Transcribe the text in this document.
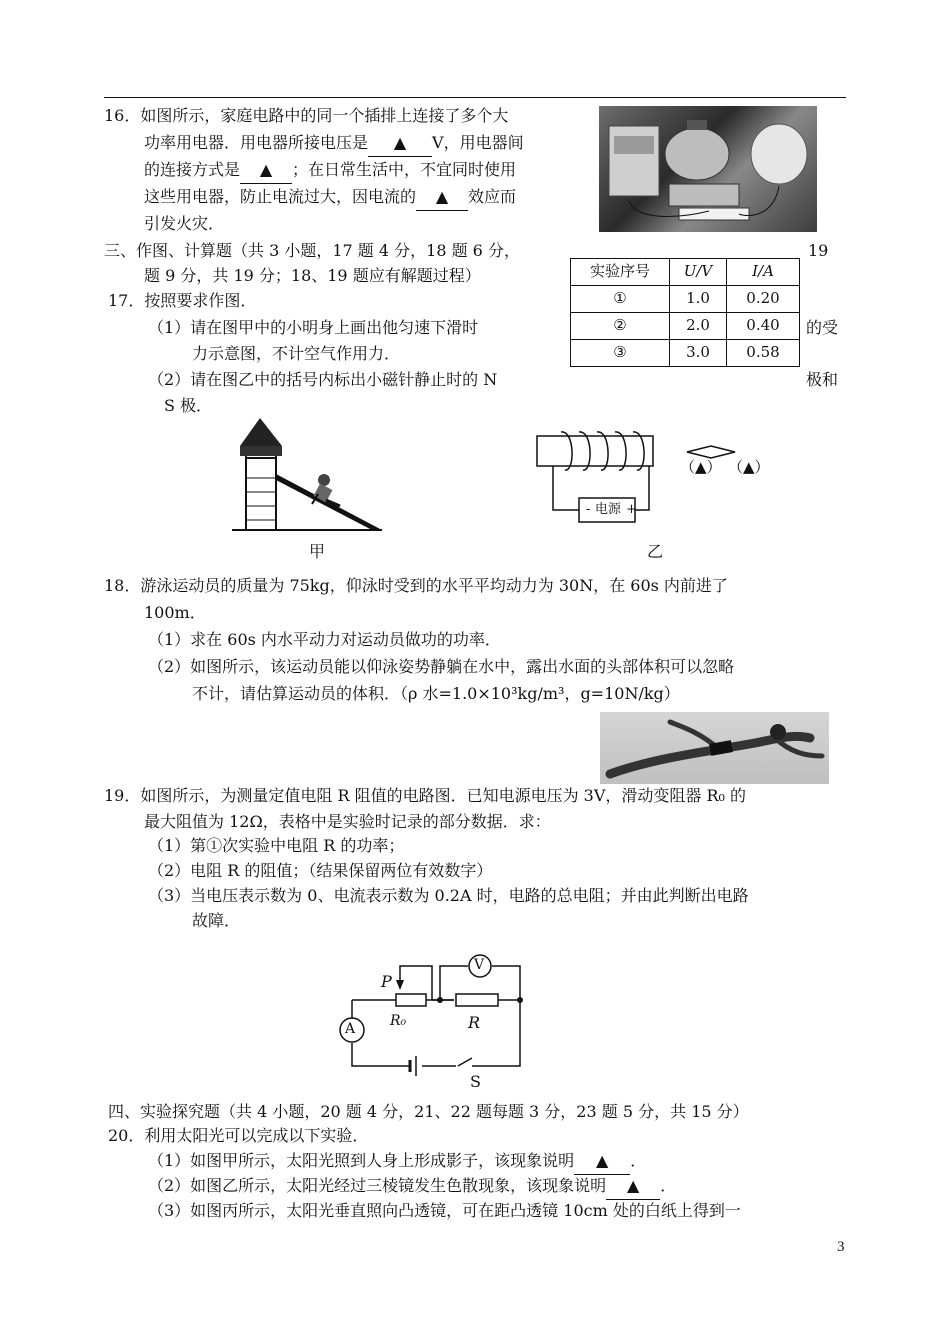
16．如图所示，家庭电路中的同一个插排上连接了多个大
功率用电器．用电器所接电压是 ▲ V，用电器间
的连接方式是 ▲ ；在日常生活中，不宜同时使用
这些用电器，防止电流过大，因电流的 ▲ 效应而
引发火灾．
三、作图、计算题（共 3 小题，17 题 4 分，18 题 6 分，	19
题 9 分，共 19 分；18、19 题应有解题过程）	实验序号	U/V	I/A
①	1.0	0.20
②	2.0	0.40
③	3.0	0.58
17．按照要求作图．
（1）请在图甲中的小明身上画出他匀速下滑时	的受
力示意图，不计空气作用力．
（2）请在图乙中的括号内标出小磁针静止时的 N	极和
S 极．
甲
- 电源 +
（▲） （▲）
乙
18．游泳运动员的质量为 75kg，仰泳时受到的水平平均动力为 30N，在 60s 内前进了
100m．
（1）求在 60s 内水平动力对运动员做功的功率．
（2）如图所示，该运动员能以仰泳姿势静躺在水中，露出水面的头部体积可以忽略
不计，请估算运动员的体积．（ρ 水=1.0×10³kg/m³，g=10N/kg）
19．如图所示，为测量定值电阻 R 阻值的电路图．已知电源电压为 3V，滑动变阻器 R₀ 的
最大阻值为 12Ω，表格中是实验时记录的部分数据．求：
（1）第①次实验中电阻 R 的功率；
（2）电阻 R 的阻值；（结果保留两位有效数字）
（3）当电压表示数为 0、电流表示数为 0.2A 时，电路的总电阻；并由此判断出电路
故障．
P
R₀	R
V
A
S
四、实验探究题（共 4 小题，20 题 4 分，21、22 题每题 3 分，23 题 5 分，共 15 分）
20．利用太阳光可以完成以下实验．
（1）如图甲所示，太阳光照到人身上形成影子，该现象说明 ▲ ．
（2）如图乙所示，太阳光经过三棱镜发生色散现象，该现象说明 ▲ ．
（3）如图丙所示，太阳光垂直照向凸透镜，可在距凸透镜 10cm 处的白纸上得到一
3
